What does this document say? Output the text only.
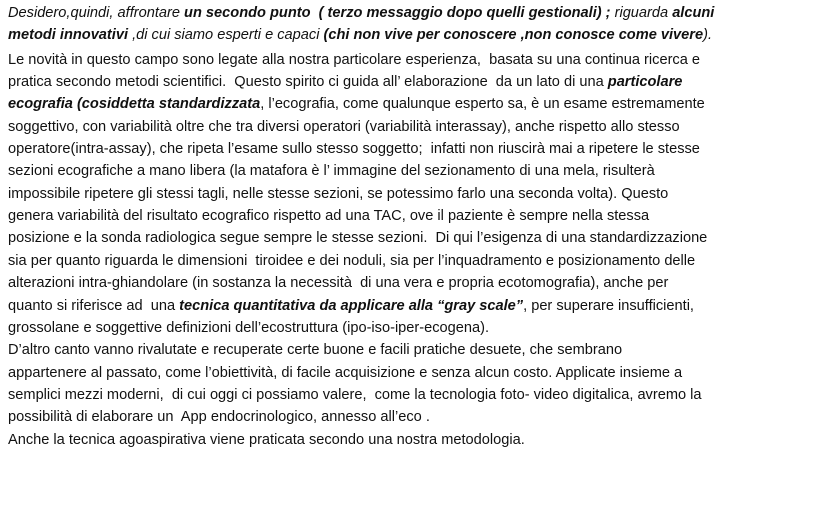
Desidero,quindi, affrontare un secondo punto  ( terzo messaggio dopo quelli gestionali) ; riguarda alcuni
metodi innovativi ,di cui siamo esperti e capaci (chi non vive per conoscere ,non conosce come vivere).
Le novità in questo campo sono legate alla nostra particolare esperienza,  basata su una continua ricerca e
pratica secondo metodi scientifici.  Questo spirito ci guida all’ elaborazione  da un lato di una particolare
ecografia (cosiddetta standardizzata, l’ecografia, come qualunque esperto sa, è un esame estremamente
soggettivo, con variabilità oltre che tra diversi operatori (variabilità interassay), anche rispetto allo stesso
operatore(intra-assay), che ripeta l’esame sullo stesso soggetto;  infatti non riuscirà mai a ripetere le stesse
sezioni ecografiche a mano libera (la matafora è l’ immagine del sezionamento di una mela, risulterà
impossibile ripetere gli stessi tagli, nelle stesse sezioni, se potessimo farlo una seconda volta). Questo
genera variabilità del risultato ecografico rispetto ad una TAC, ove il paziente è sempre nella stessa
posizione e la sonda radiologica segue sempre le stesse sezioni.  Di qui l’esigenza di una standardizzazione
sia per quanto riguarda le dimensioni  tiroidee e dei noduli, sia per l’inquadramento e posizionamento delle
alterazioni intra-ghiandolare (in sostanza la necessità  di una vera e propria ecotomografia), anche per
quanto si riferisce ad  una tecnica quantitativa da applicare alla “gray scale”, per superare insufficienti,
grossolane e soggettive definizioni dell’ecostruttura (ipo-iso-iper-ecogena).
D’altro canto vanno rivalutate e recuperate certe buone e facili pratiche desuete, che sembrano
appartenere al passato, come l’obiettività, di facile acquisizione e senza alcun costo. Applicate insieme a
semplici mezzi moderni,  di cui oggi ci possiamo valere,  come la tecnologia foto- video digitalica, avremo la
possibilità di elaborare un  App endocrinologico, annesso all’eco .
Anche la tecnica agoaspirativa viene praticata secondo una nostra metodologia.
